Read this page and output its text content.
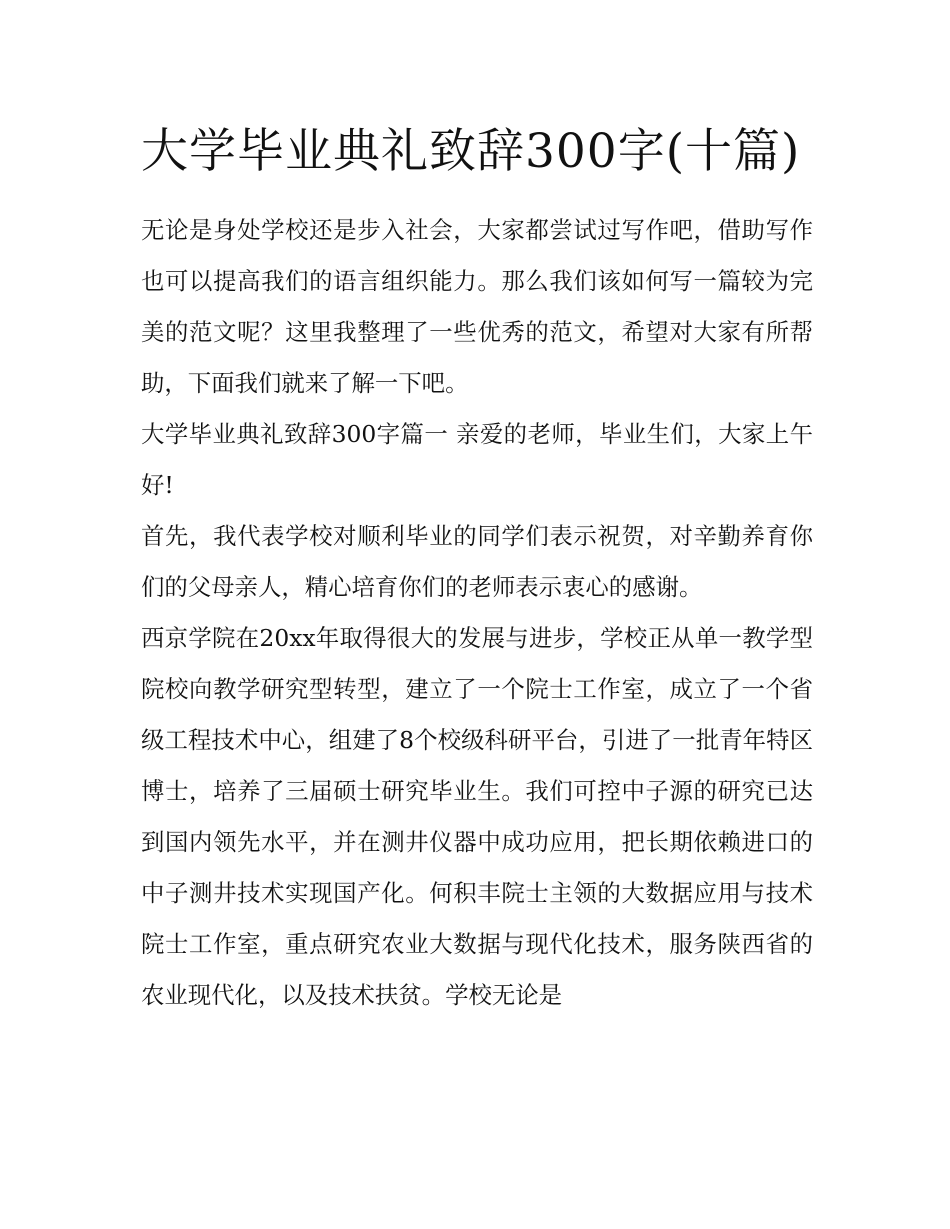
大学毕业典礼致辞300字(十篇)

无论是身处学校还是步入社会，大家都尝试过写作吧，借助写作也可以提高我们的语言组织能力。那么我们该如何写一篇较为完美的范文呢？这里我整理了一些优秀的范文，希望对大家有所帮助，下面我们就来了解一下吧。

大学毕业典礼致辞300字篇一 亲爱的老师，毕业生们，大家上午好!

首先，我代表学校对顺利毕业的同学们表示祝贺，对辛勤养育你们的父母亲人，精心培育你们的老师表示衷心的感谢。

西京学院在20xx年取得很大的发展与进步，学校正从单一教学型院校向教学研究型转型，建立了一个院士工作室，成立了一个省级工程技术中心，组建了8个校级科研平台，引进了一批青年特区博士，培养了三届硕士研究毕业生。我们可控中子源的研究已达到国内领先水平，并在测井仪器中成功应用，把长期依赖进口的中子测井技术实现国产化。何积丰院士主领的大数据应用与技术院士工作室，重点研究农业大数据与现代化技术，服务陕西省的农业现代化，以及技术扶贫。学校无论是
